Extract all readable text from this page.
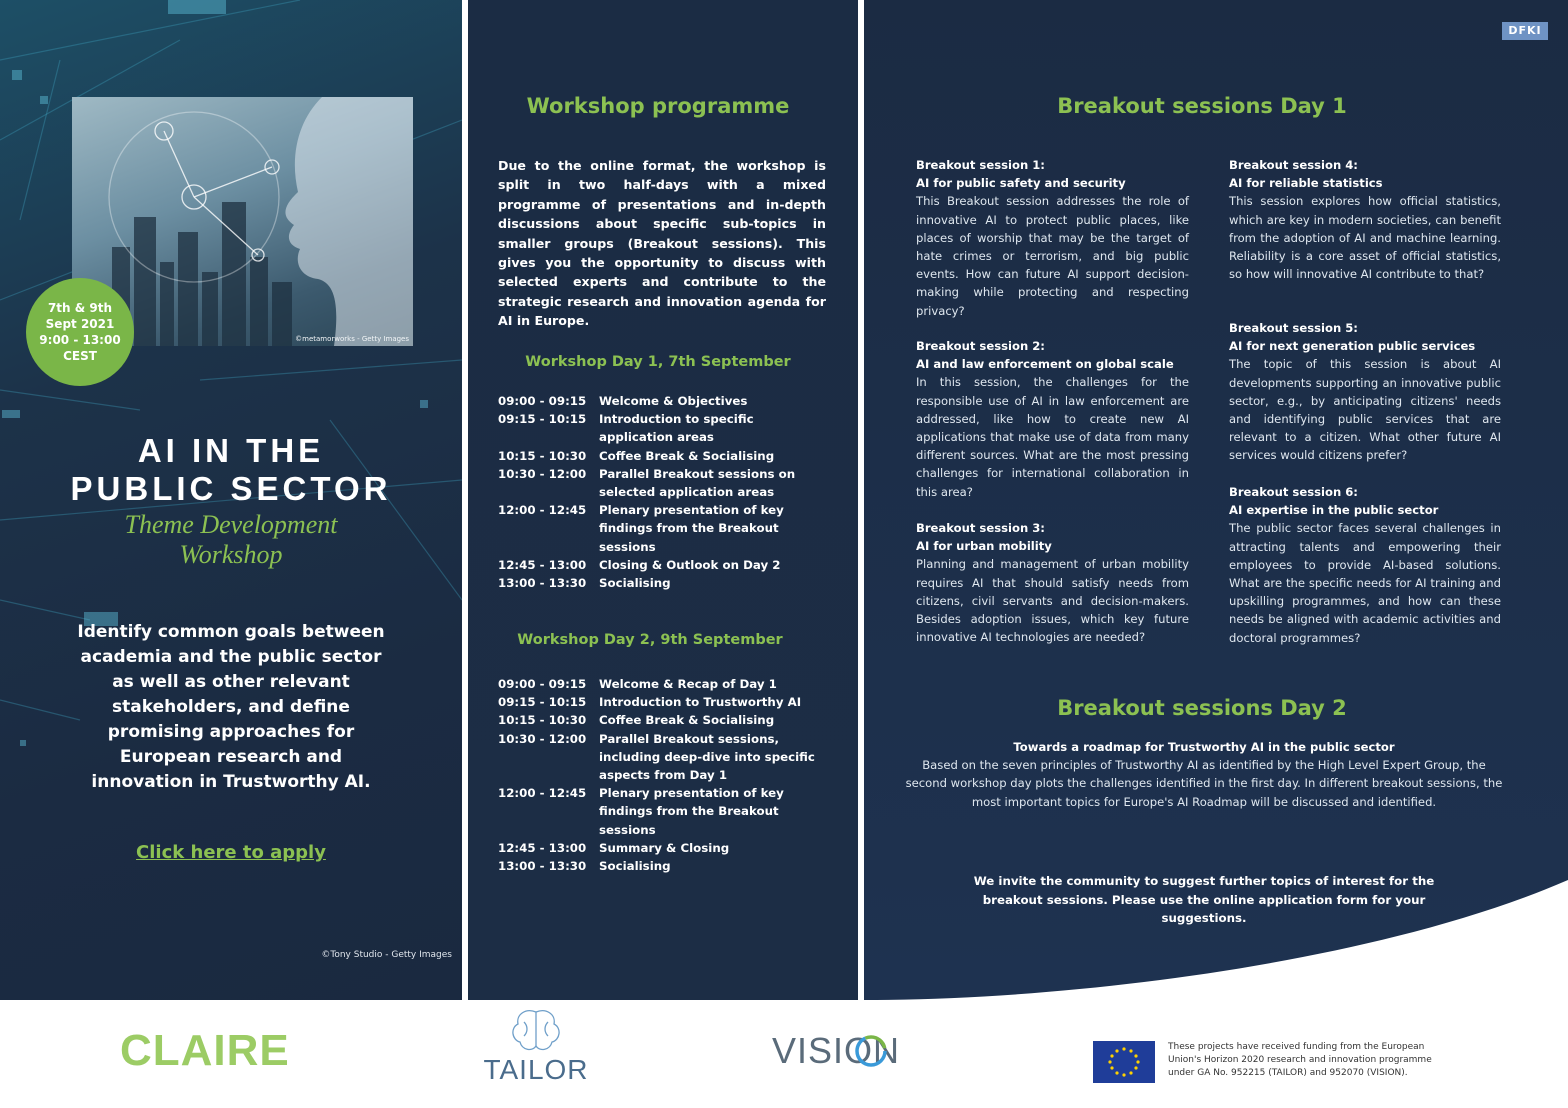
©metamorworks - Getty Images
7th & 9th
Sept 2021
9:00 - 13:00
CEST
AI IN THE
PUBLIC SECTOR
Theme Development
Workshop
Identify common goals between academia and the public sector as well as other relevant stakeholders, and define promising approaches for European research and innovation in Trustworthy AI.
Click here to apply
©Tony Studio - Getty Images
Workshop programme
Due to the online format, the workshop is split in two half-days with a mixed programme of presentations and in-depth discussions about specific sub-topics in smaller groups (Breakout sessions). This gives you the opportunity to discuss with selected experts and contribute to the strategic research and innovation agenda for AI in Europe.
Workshop Day 1, 7th September
09:00 - 09:15	Welcome & Objectives
09:15 - 10:15	Introduction to specific application areas
10:15 - 10:30	Coffee Break & Socialising
10:30 - 12:00	Parallel Breakout sessions on selected application areas
12:00 - 12:45	Plenary presentation of key findings from the Breakout sessions
12:45 - 13:00	Closing & Outlook on Day 2
13:00 - 13:30	Socialising
Workshop Day 2, 9th September
09:00 - 09:15	Welcome & Recap of Day 1
09:15 - 10:15	Introduction to Trustworthy AI
10:15 - 10:30	Coffee Break & Socialising
10:30 - 12:00	Parallel Breakout sessions, including deep-dive into specific aspects from Day 1
12:00 - 12:45	Plenary presentation of key findings from the Breakout sessions
12:45 - 13:00	Summary & Closing
13:00 - 13:30	Socialising
DFKI
Breakout sessions Day 1
Breakout session 1:
AI for public safety and security
This Breakout session addresses the role of innovative AI to protect public places, like places of worship that may be the target of hate crimes or terrorism, and big public events. How can future AI support decision-making while protecting and respecting privacy?
Breakout session 2:
AI and law enforcement on global scale
In this session, the challenges for the responsible use of AI in law enforcement are addressed, like how to create new AI applications that make use of data from many different sources. What are the most pressing challenges for international collaboration in this area?
Breakout session 3:
AI for urban mobility
Planning and management of urban mobility requires AI that should satisfy needs from citizens, civil servants and decision-makers. Besides adoption issues, which key future innovative AI technologies are needed?
Breakout session 4:
AI for reliable statistics
This session explores how official statistics, which are key in modern societies, can benefit from the adoption of AI and machine learning. Reliability is a core asset of official statistics, so how will innovative AI contribute to that?
Breakout session 5:
AI for next generation public services
The topic of this session is about AI developments supporting an innovative public sector, e.g., by anticipating citizens' needs and identifying public services that are relevant to a citizen. What other future AI services would citizens prefer?
Breakout session 6:
AI expertise in the public sector
The public sector faces several challenges in attracting talents and empowering their employees to provide AI-based solutions. What are the specific needs for AI training and upskilling programmes, and how can these needs be aligned with academic activities and doctoral programmes?
Breakout sessions Day 2
Towards a roadmap for Trustworthy AI in the public sector
Based on the seven principles of Trustworthy AI as identified by the High Level Expert Group, the second workshop day plots the challenges identified in the first day. In different breakout sessions, the most important topics for Europe's AI Roadmap will be discussed and identified.
We invite the community to suggest further topics of interest for the breakout sessions. Please use the online application form for your suggestions.
CLAIRE	TAILOR	VISION	These projects have received funding from the European Union's Horizon 2020 research and innovation programme under GA No. 952215 (TAILOR) and 952070 (VISION).
